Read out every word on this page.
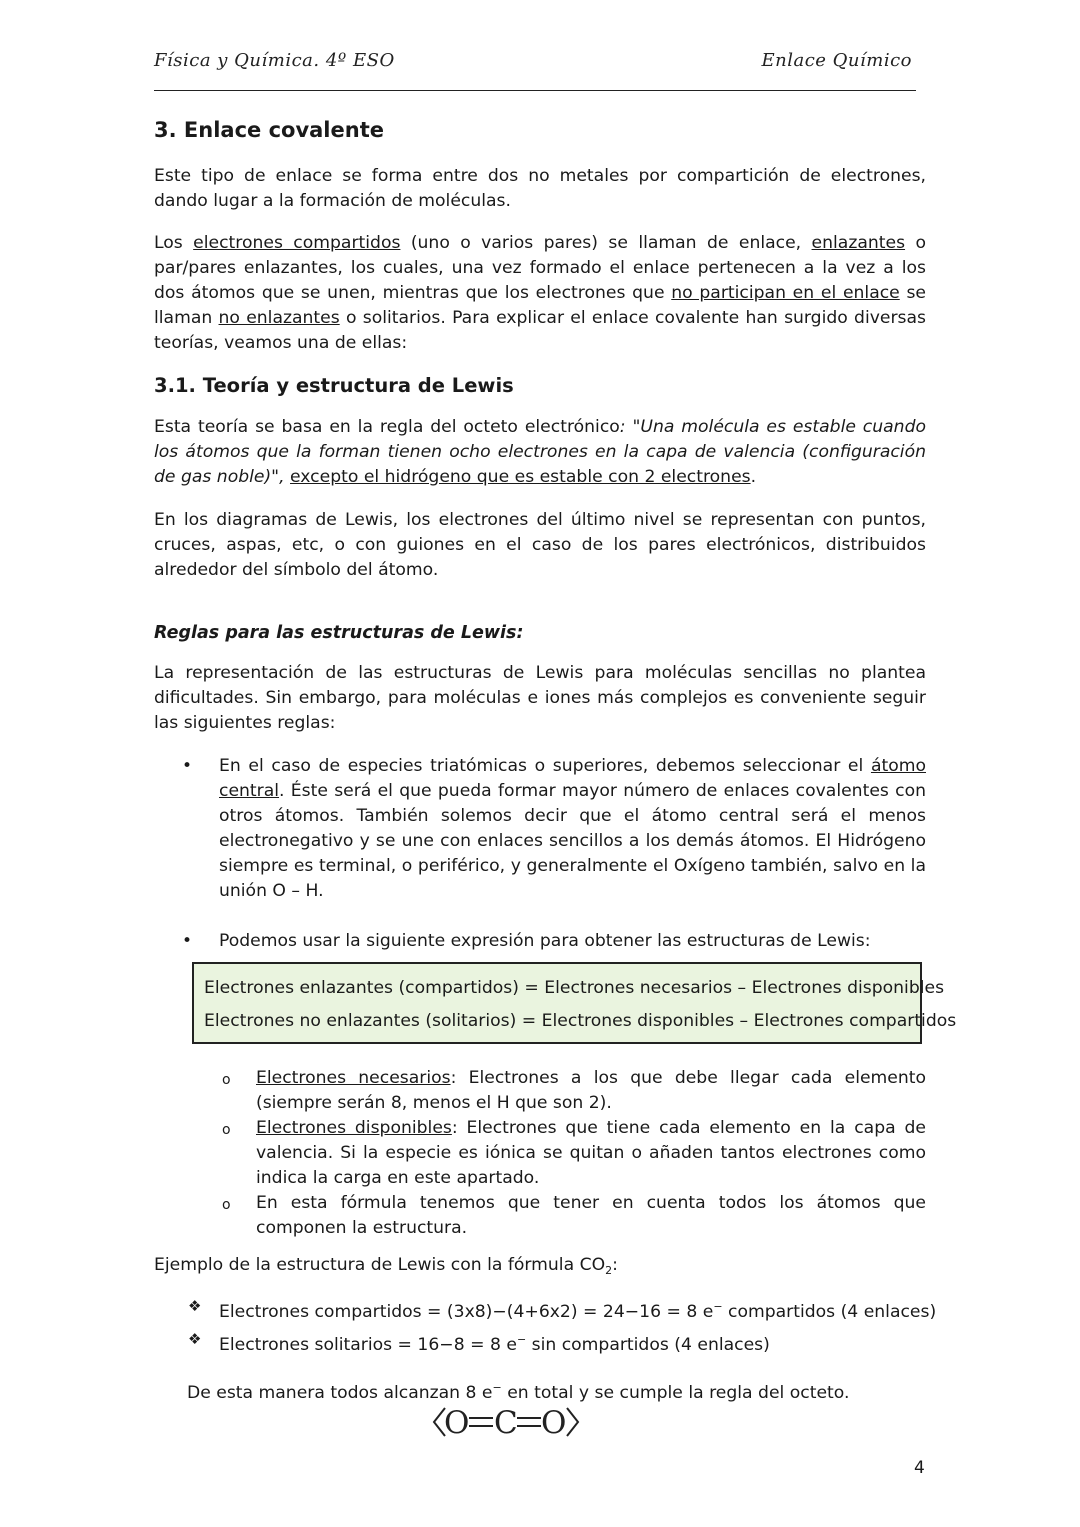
Física y Química. 4º ESO	Enlace Químico
3. Enlace covalente

Este tipo de enlace se forma entre dos no metales por compartición de electrones, dando lugar a la formación de moléculas.

Los electrones compartidos (uno o varios pares) se llaman de enlace, enlazantes o par/pares enlazantes, los cuales, una vez formado el enlace pertenecen a la vez a los dos átomos que se unen, mientras que los electrones que no participan en el enlace se llaman no enlazantes o solitarios. Para explicar el enlace covalente han surgido diversas teorías, veamos una de ellas:

3.1. Teoría y estructura de Lewis

Esta teoría se basa en la regla del octeto electrónico: "Una molécula es estable cuando los átomos que la forman tienen ocho electrones en la capa de valencia (configuración de gas noble)", excepto el hidrógeno que es estable con 2 electrones.

En los diagramas de Lewis, los electrones del último nivel se representan con puntos, cruces, aspas, etc, o con guiones en el caso de los pares electrónicos, distribuidos alrededor del símbolo del átomo.

Reglas para las estructuras de Lewis:

La representación de las estructuras de Lewis para moléculas sencillas no plantea dificultades. Sin embargo, para moléculas e iones más complejos es conveniente seguir las siguientes reglas:

• En el caso de especies triatómicas o superiores, debemos seleccionar el átomo central. Éste será el que pueda formar mayor número de enlaces covalentes con otros átomos. También solemos decir que el átomo central será el menos electronegativo y se une con enlaces sencillos a los demás átomos. El Hidrógeno siempre es terminal, o periférico, y generalmente el Oxígeno también, salvo en la unión O – H.
• Podemos usar la siguiente expresión para obtener las estructuras de Lewis:
Electrones enlazantes (compartidos) = Electrones necesarios – Electrones disponibles
Electrones no enlazantes (solitarios) = Electrones disponibles – Electrones compartidos
o Electrones necesarios: Electrones a los que debe llegar cada elemento (siempre serán 8, menos el H que son 2).
o Electrones disponibles: Electrones que tiene cada elemento en la capa de valencia. Si la especie es iónica se quitan o añaden tantos electrones como indica la carga en este apartado.
o En esta fórmula tenemos que tener en cuenta todos los átomos que componen la estructura.

Ejemplo de la estructura de Lewis con la fórmula $CO_2$:

❖ Electrones compartidos = (3x8)−(4+6x2) = 24−16 = 8 e− compartidos (4 enlaces)
❖ Electrones solitarios = 16−8 = 8 e− sin compartidos (4 enlaces)
De esta manera todos alcanzan 8 e− en total y se cumple la regla del octeto.
O C O
4
